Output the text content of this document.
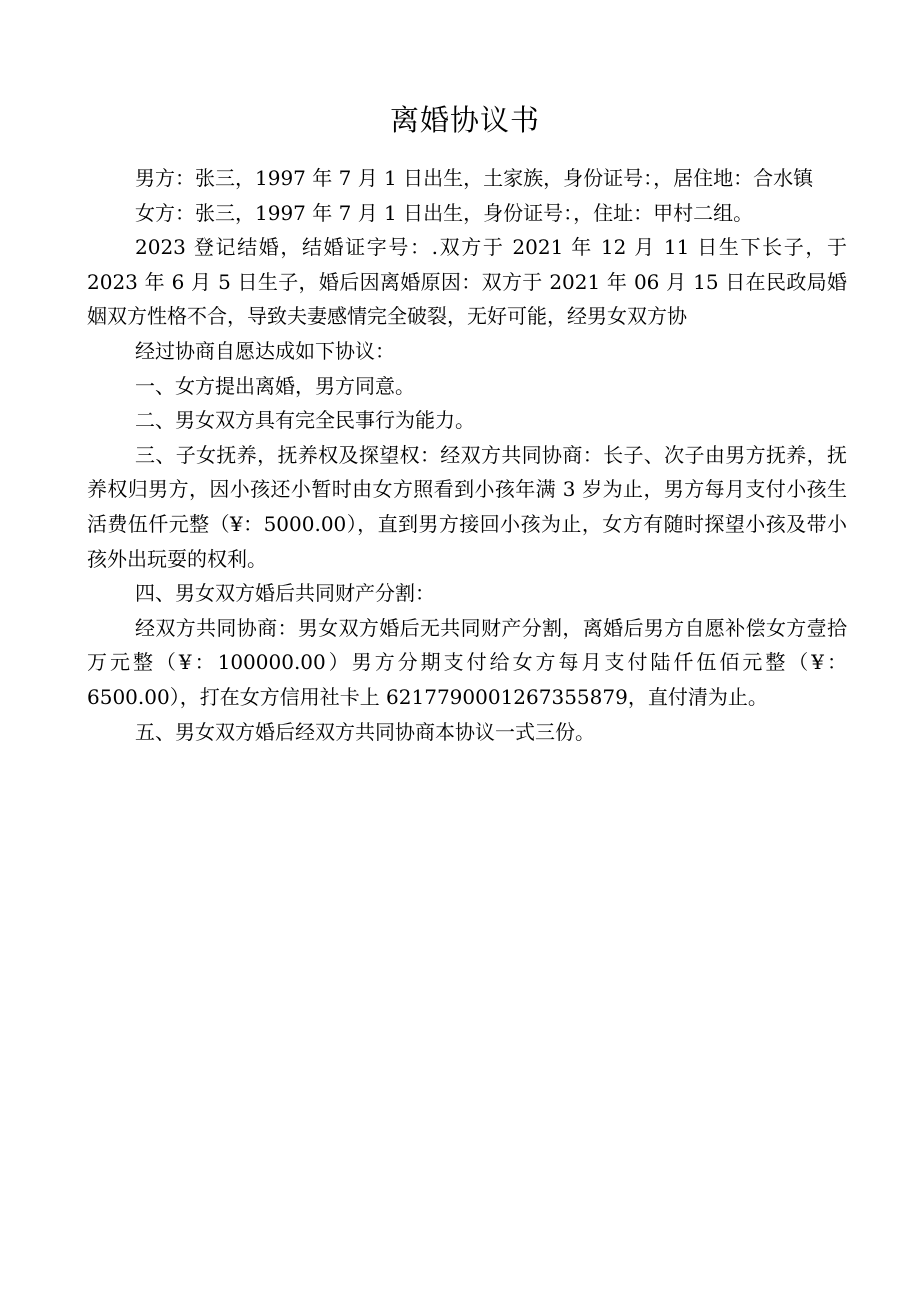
离婚协议书

男方：张三，1997 年 7 月 1 日出生，土家族，身份证号：，居住地：合水镇

女方：张三，1997 年 7 月 1 日出生，身份证号：，住址：甲村二组。

2023 登记结婚，结婚证字号：.双方于 2021 年 12 月 11 日生下长子，于 2023 年 6 月 5 日生子，婚后因离婚原因：双方于 2021 年 06 月 15 日在民政局婚姻双方性格不合，导致夫妻感情完全破裂，无好可能，经男女双方协

经过协商自愿达成如下协议：

一、女方提出离婚，男方同意。

二、男女双方具有完全民事行为能力。

三、子女抚养，抚养权及探望权：经双方共同协商：长子、次子由男方抚养，抚养权归男方，因小孩还小暂时由女方照看到小孩年满 3 岁为止，男方每月支付小孩生活费伍仟元整（¥：5000.00），直到男方接回小孩为止，女方有随时探望小孩及带小孩外出玩耍的权利。

四、男女双方婚后共同财产分割：

经双方共同协商：男女双方婚后无共同财产分割，离婚后男方自愿补偿女方壹拾万元整（¥：100000.00）男方分期支付给女方每月支付陆仟伍佰元整（¥：6500.00），打在女方信用社卡上 6217790001267355879，直付清为止。

五、男女双方婚后经双方共同协商本协议一式三份。
